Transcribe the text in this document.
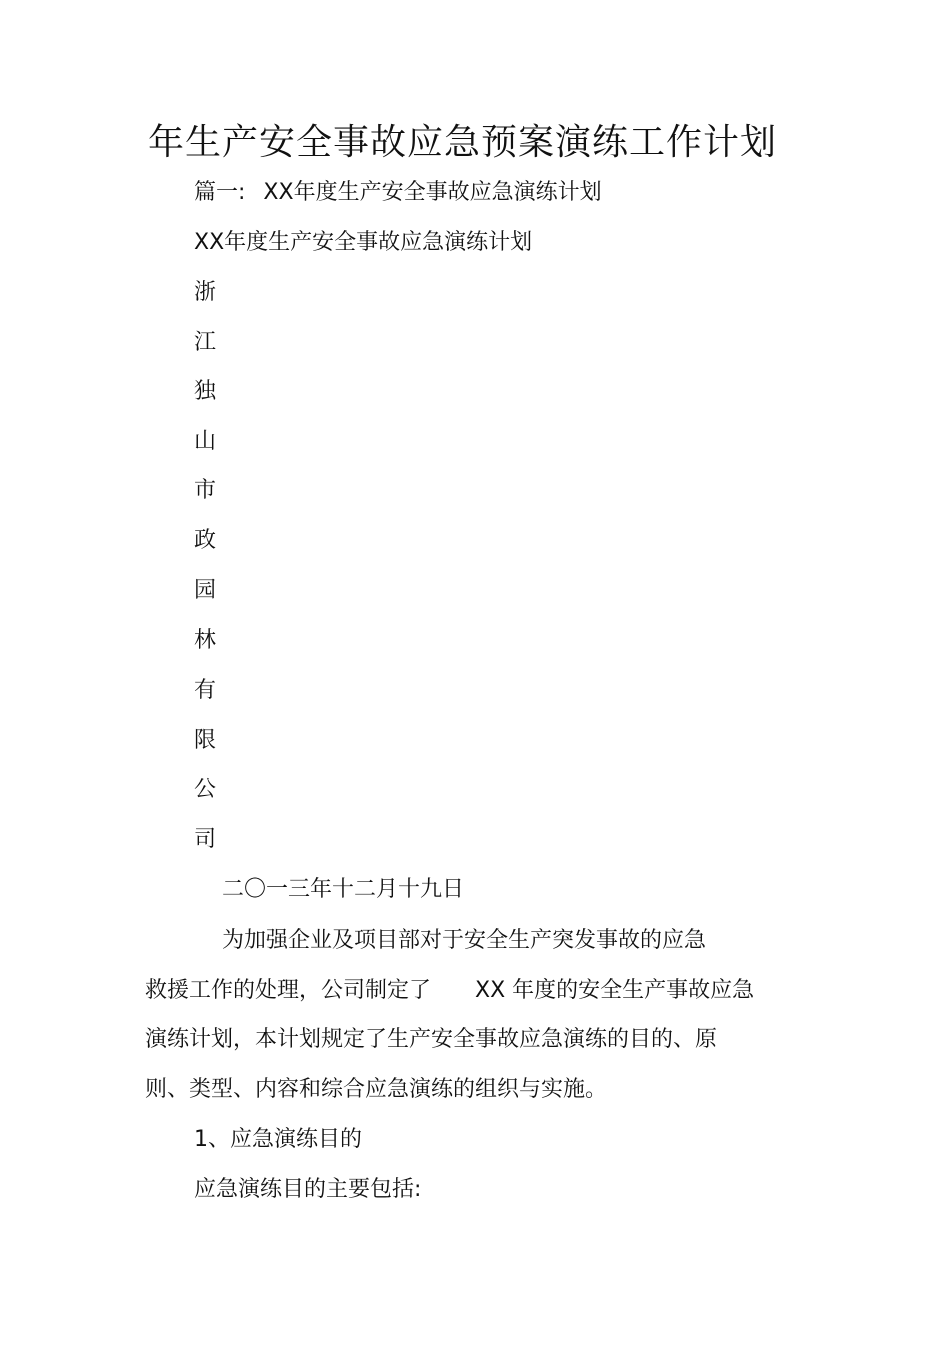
年生产安全事故应急预案演练工作计划

篇一: XX年度生产安全事故应急演练计划

XX年度生产安全事故应急演练计划

浙

江

独

山

市

政

园

林

有

限

公

司

二〇一三年十二月十九日

为加强企业及项目部对于安全生产突发事故的应急

救援工作的处理，公司制定了 XX 年度的安全生产事故应急

演练计划，本计划规定了生产安全事故应急演练的目的、原

则、类型、内容和综合应急演练的组织与实施。

1、应急演练目的

应急演练目的主要包括:
